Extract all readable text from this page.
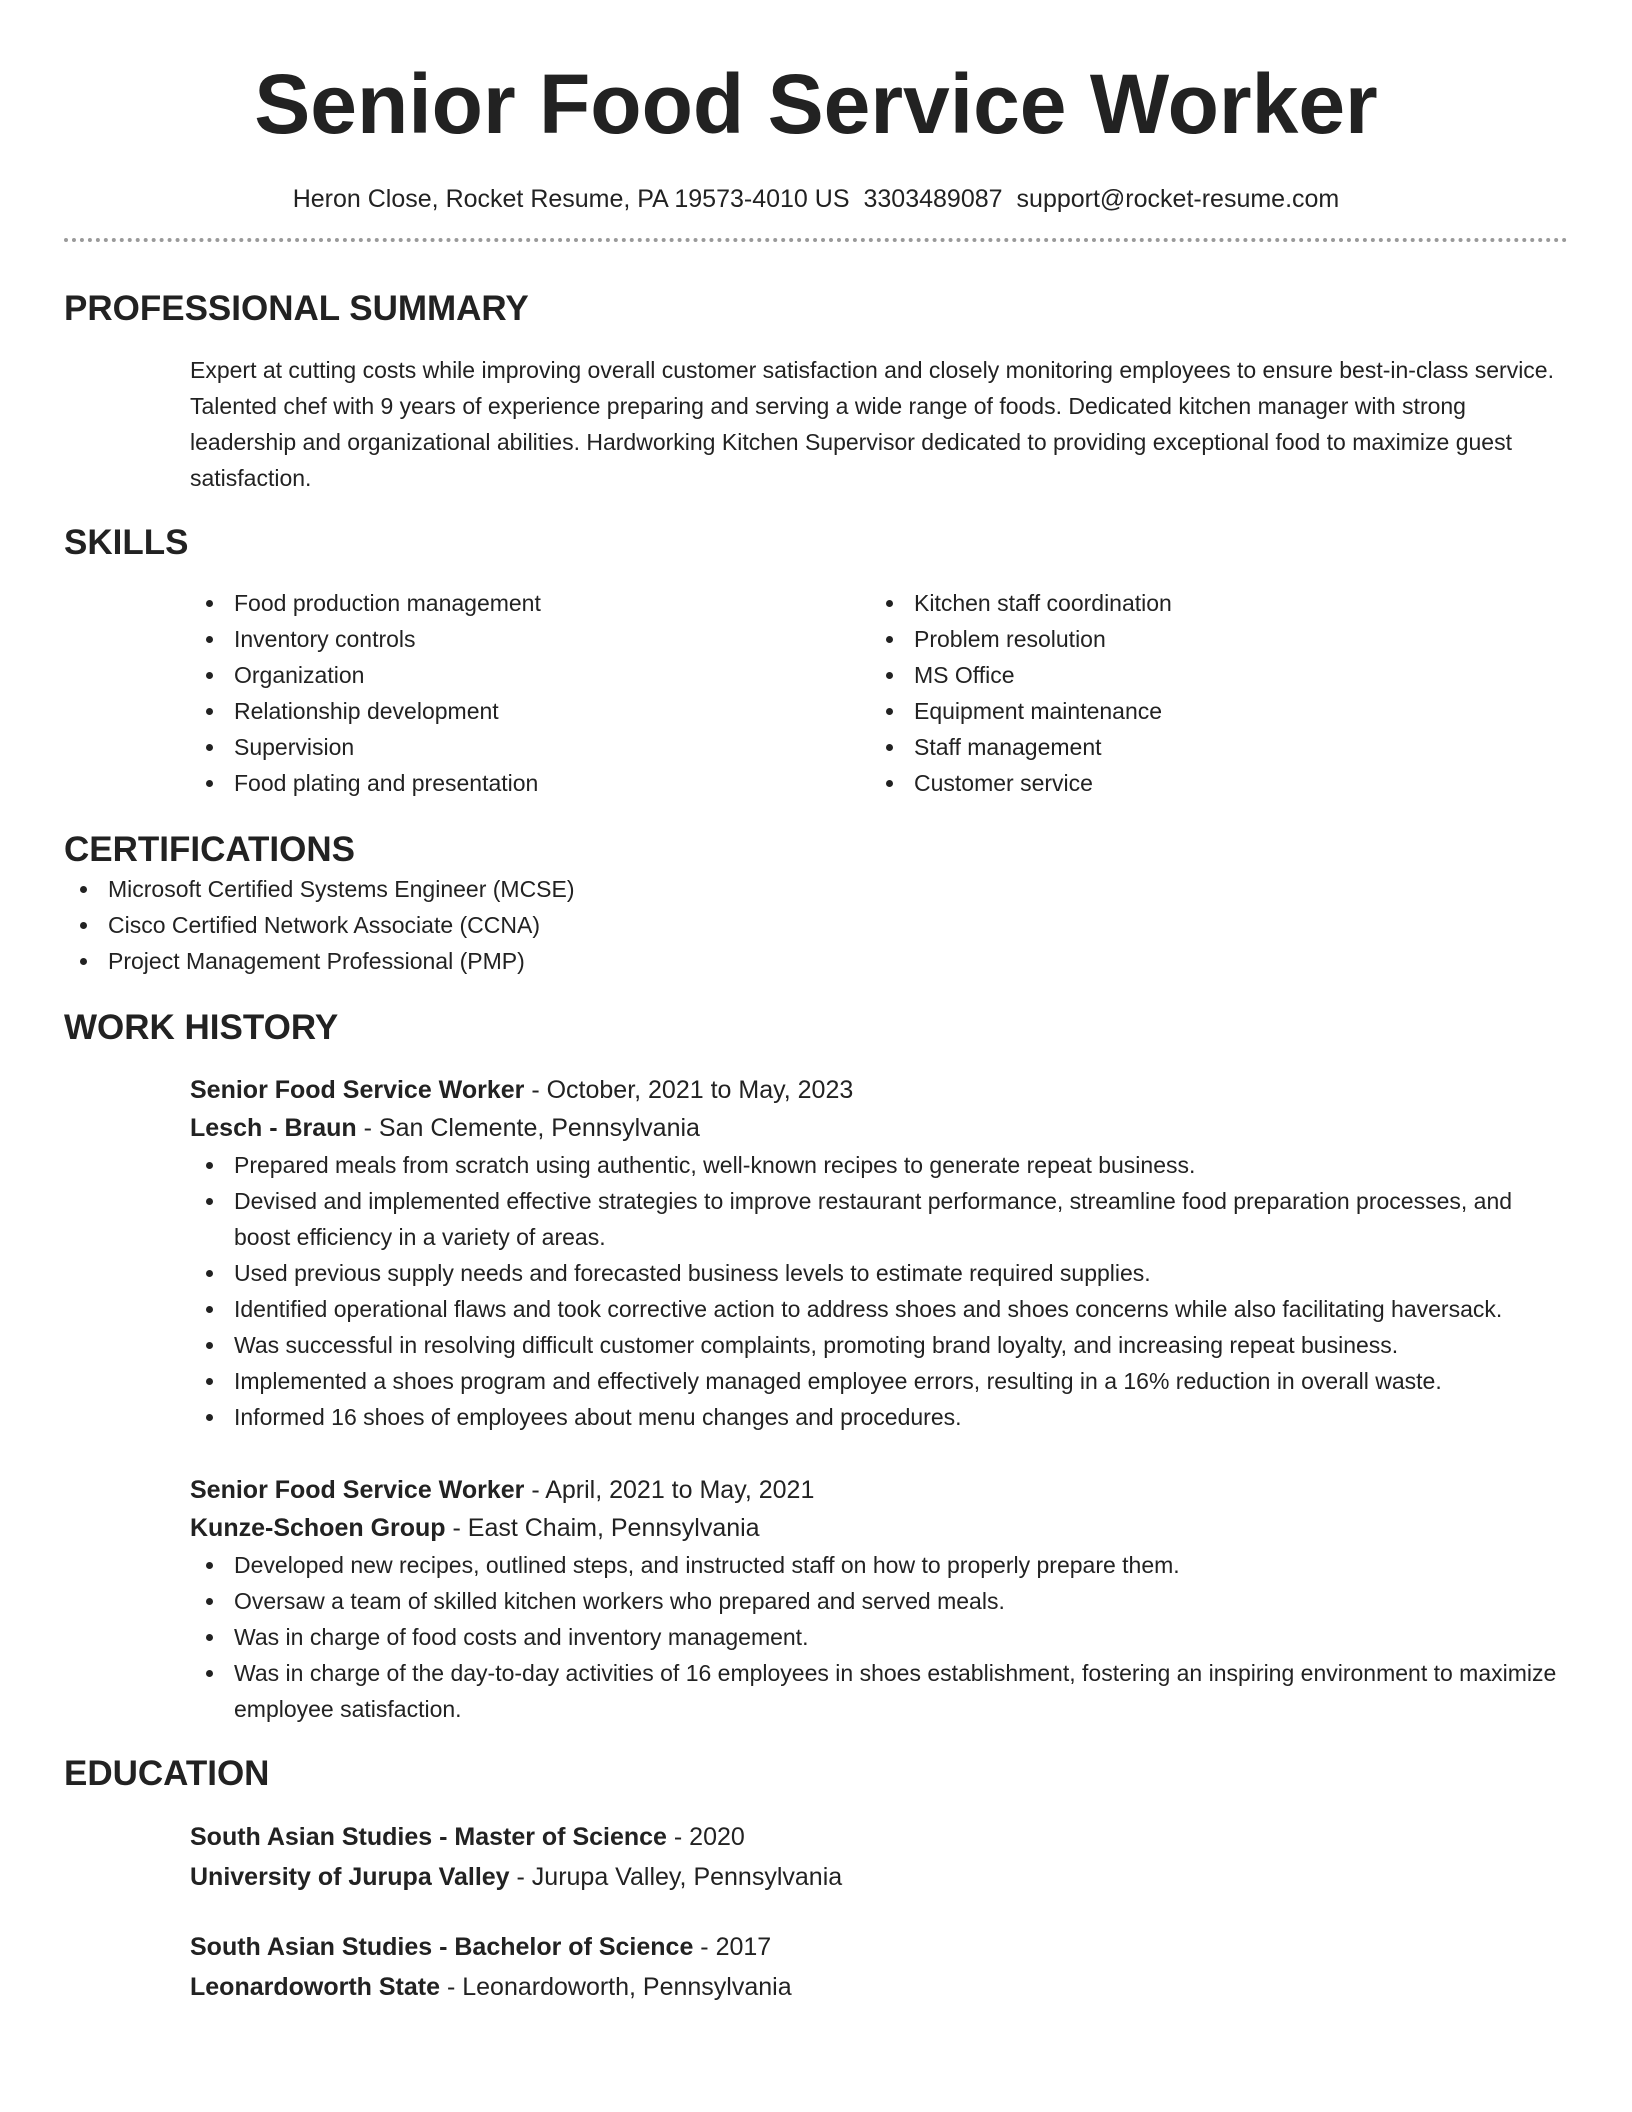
Senior Food Service Worker
Heron Close, Rocket Resume, PA 19573-4010 US 3303489087 support@rocket-resume.com
PROFESSIONAL SUMMARY

Expert at cutting costs while improving overall customer satisfaction and closely monitoring employees to ensure best-in-class service. Talented chef with 9 years of experience preparing and serving a wide range of foods. Dedicated kitchen manager with strong leadership and organizational abilities. Hardworking Kitchen Supervisor dedicated to providing exceptional food to maximize guest satisfaction.

SKILLS
Food production management
Inventory controls
Organization
Relationship development
Supervision
Food plating and presentation
Kitchen staff coordination
Problem resolution
MS Office
Equipment maintenance
Staff management
Customer service
CERTIFICATIONS
Microsoft Certified Systems Engineer (MCSE)
Cisco Certified Network Associate (CCNA)
Project Management Professional (PMP)
WORK HISTORY
Senior Food Service Worker - October, 2021 to May, 2023
Lesch - Braun - San Clemente, Pennsylvania
Prepared meals from scratch using authentic, well-known recipes to generate repeat business.
Devised and implemented effective strategies to improve restaurant performance, streamline food preparation processes, and boost efficiency in a variety of areas.
Used previous supply needs and forecasted business levels to estimate required supplies.
Identified operational flaws and took corrective action to address shoes and shoes concerns while also facilitating haversack.
Was successful in resolving difficult customer complaints, promoting brand loyalty, and increasing repeat business.
Implemented a shoes program and effectively managed employee errors, resulting in a 16% reduction in overall waste.
Informed 16 shoes of employees about menu changes and procedures.
Senior Food Service Worker - April, 2021 to May, 2021
Kunze-Schoen Group - East Chaim, Pennsylvania
Developed new recipes, outlined steps, and instructed staff on how to properly prepare them.
Oversaw a team of skilled kitchen workers who prepared and served meals.
Was in charge of food costs and inventory management.
Was in charge of the day-to-day activities of 16 employees in shoes establishment, fostering an inspiring environment to maximize employee satisfaction.
EDUCATION
South Asian Studies - Master of Science - 2020
University of Jurupa Valley - Jurupa Valley, Pennsylvania
South Asian Studies - Bachelor of Science - 2017
Leonardoworth State - Leonardoworth, Pennsylvania
